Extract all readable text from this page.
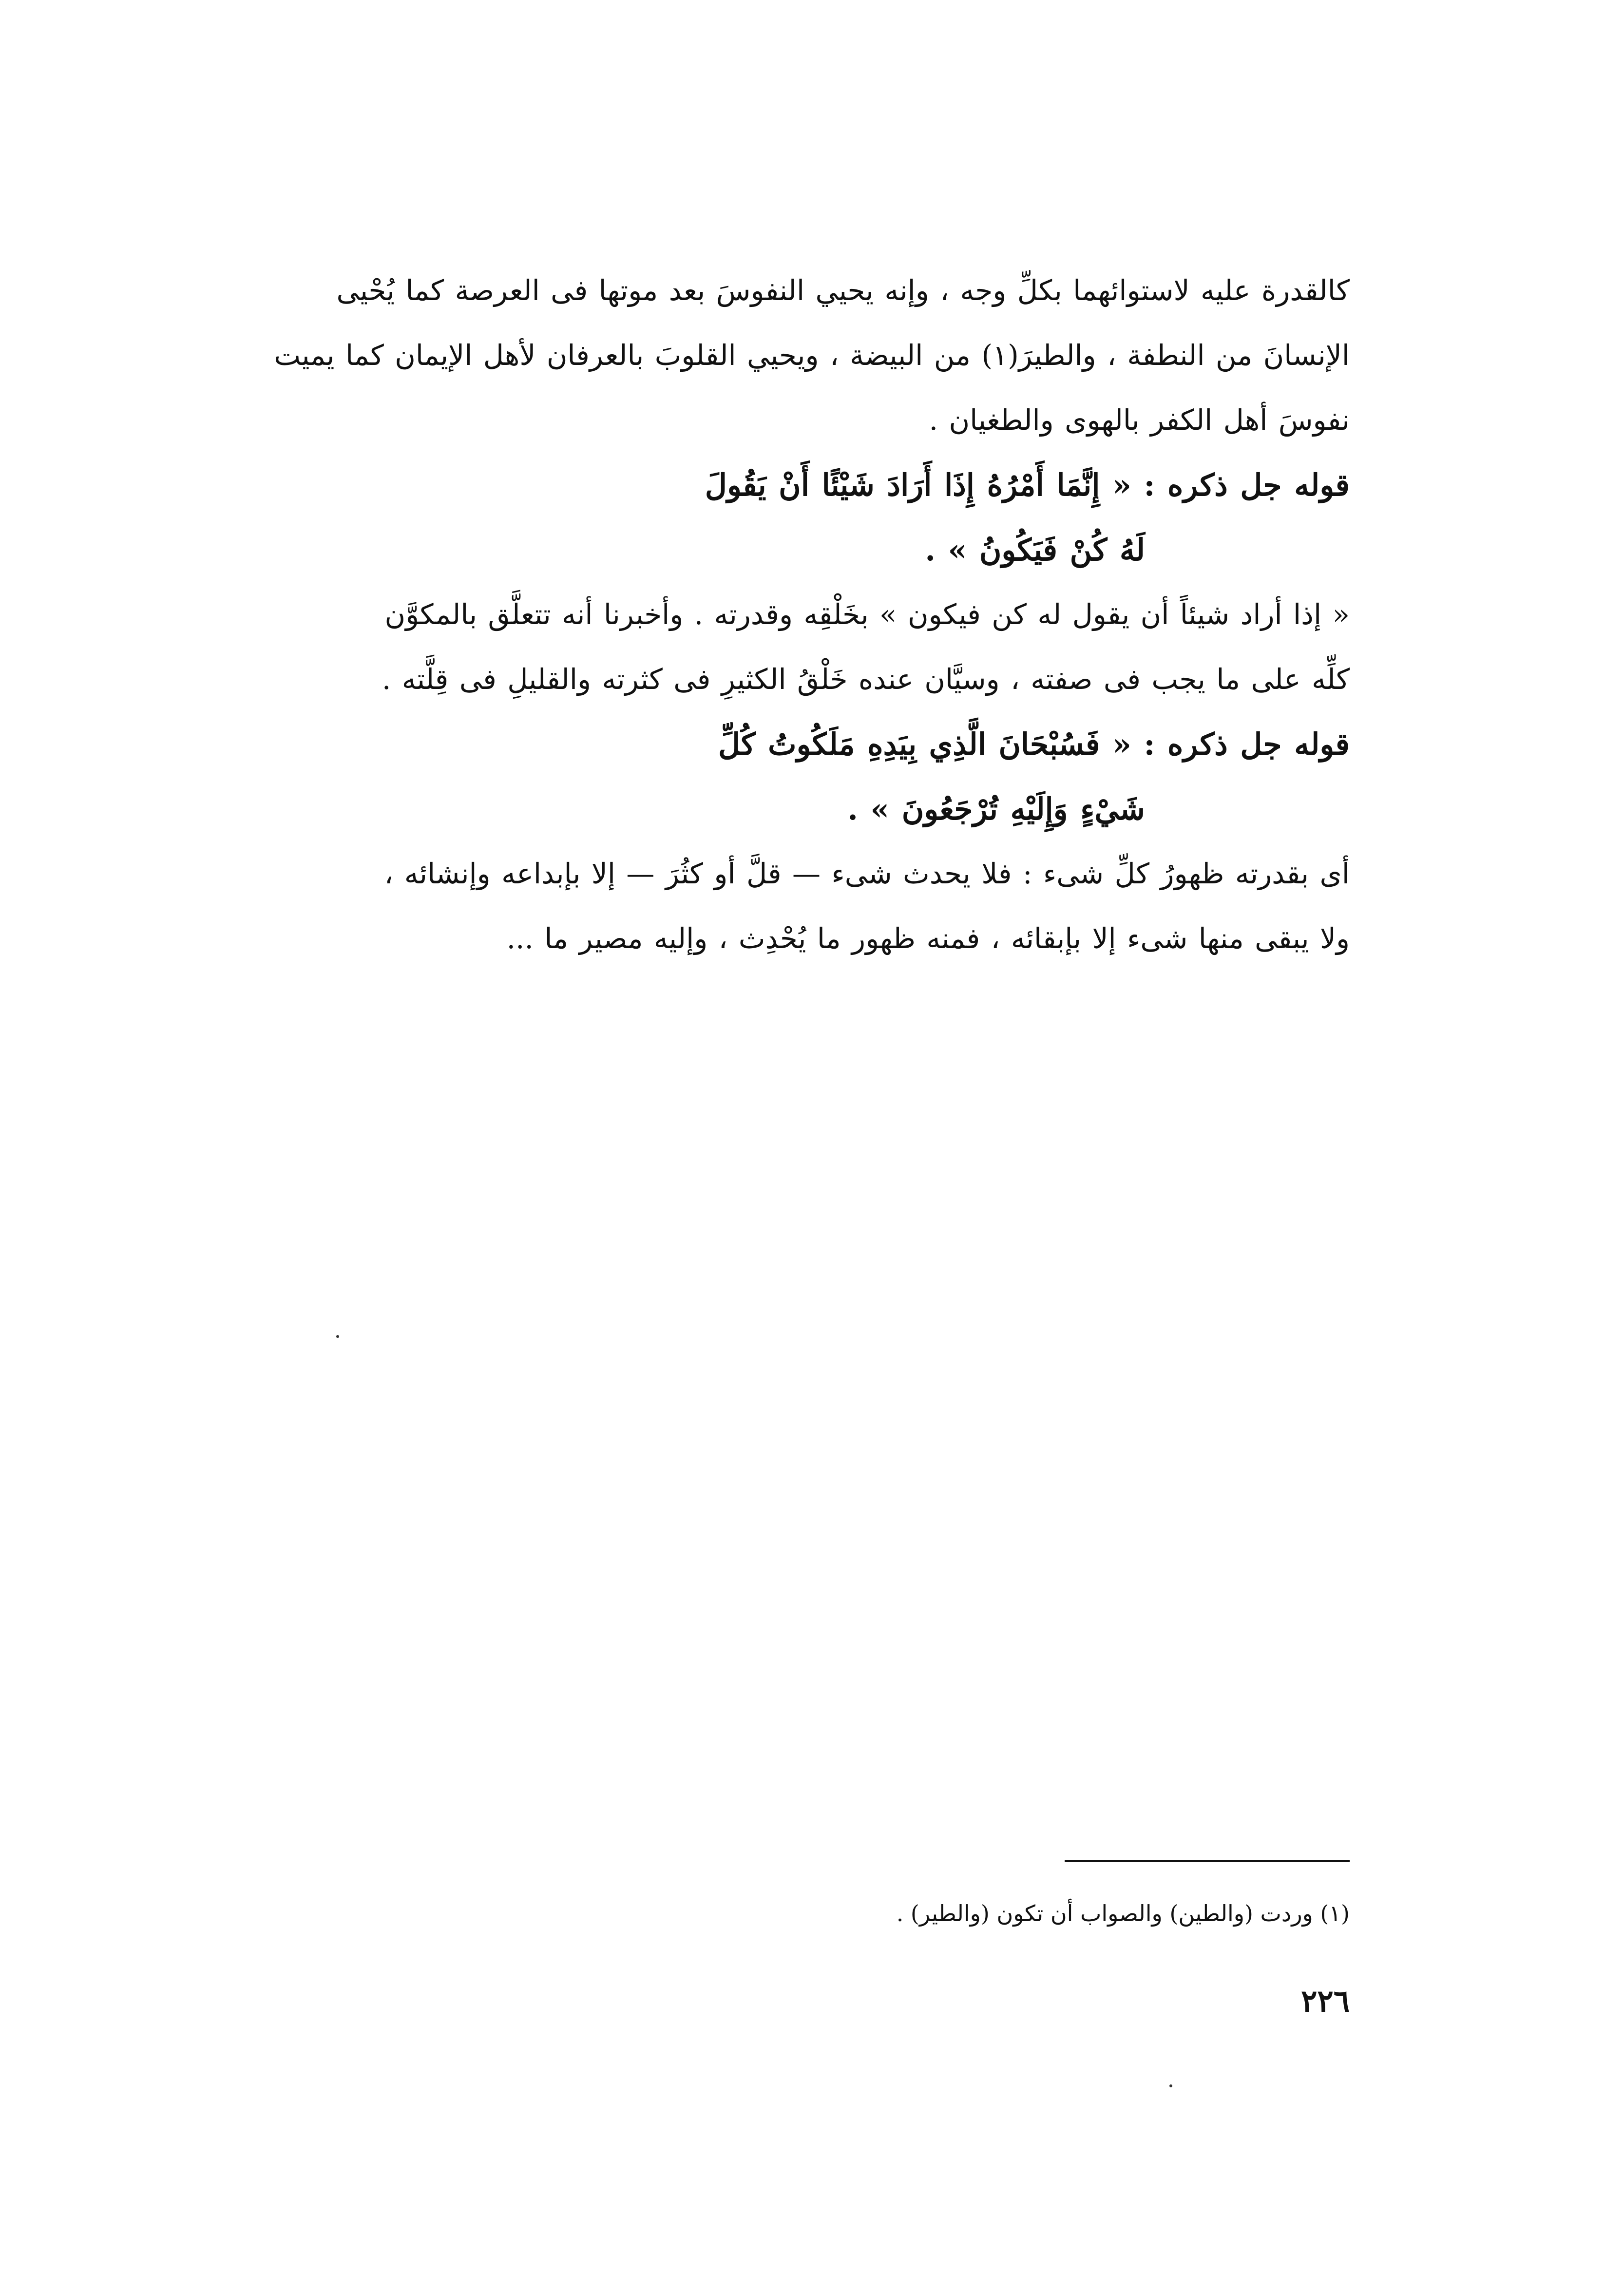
كالقدرة عليه لاستوائهما بكلِّ وجه ، وإنه يحيي النفوسَ بعد موتها فى العرصة كما يُحْيى
الإنسانَ من النطفة ، والطيرَ(١) من البيضة ، ويحيي القلوبَ بالعرفان لأهل الإيمان كما يميت
نفوسَ أهل الكفر بالهوى والطغيان .

قوله جل ذكره : « إِنَّمَا أَمْرُهُ إِذَا أَرَادَ شَيْئًا أَنْ يَقُولَ
لَهُ كُنْ فَيَكُونُ » .

« إذا أراد شيئاً أن يقول له كن فيكون » بخَلْقِه وقدرته . وأخبرنا أنه تتعلَّق بالمكوَّن
كلِّه على ما يجب فى صفته ، وسيَّان عنده خَلْقُ الكثيرِ فى كثرته والقليلِ فى قِلَّته .

قوله جل ذكره : « فَسُبْحَانَ الَّذِي بِيَدِهِ مَلَكُوتُ كُلِّ
شَيْءٍ وَإِلَيْهِ تُرْجَعُونَ » .

أى بقدرته ظهورُ كلِّ شىء : فلا يحدث شىء — قلَّ أو كثُرَ — إلا بإبداعه وإنشائه ،
ولا يبقى منها شىء إلا بإبقائه ، فمنه ظهور ما يُحْدِث ، وإليه مصير ما ...

(١) وردت (والطين) والصواب أن تكون (والطير) .

٢٢٦
